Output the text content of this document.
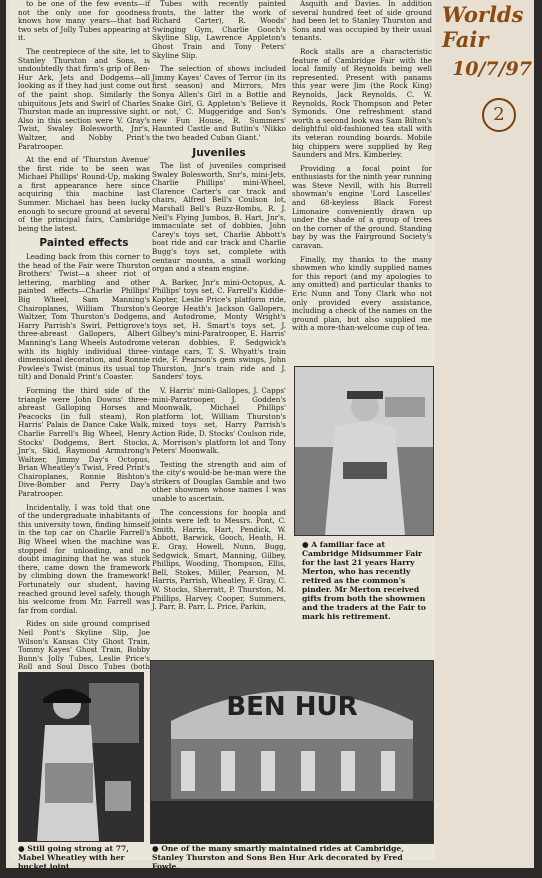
to be one of the few events—if not the only one for goodness knows how many years—that had two sets of Jolly Tubes appearing at it.

The centrepiece of the site, let to Stanley Thurston and Sons, is undoubtedly that firm's grip of Ben-Hur Ark, Jets and Dodgems—all looking as if they had just come out of the paint shop. Similarly the ubiquitous Jets and Swirl of Charles Thurston made an impressive sight. Also in this section were V. Gray's Twist, Swaley Bolesworth, Jnr's, Waltzer, and Nobby Print's Paratrooper.

At the end of 'Thurston Avenue' the first ride to be seen was Michael Phillips' Round-Up, making a first appearance here since acquiring this machine last Summer. Michael has been lucky enough to secure ground at several of the principal fairs, Cambridge being the latest.

Painted effects

Leading back from this corner to the head of the Fair were Thurston Brothers' Twist—a sheer riot of lettering, marbling and other painted effects—Charlie Phillips' Big Wheel, Sam Manning's Chairoplanes, William Thurston's Waltzer, Tom Thurston's Dodgems, Harry Parrish's Swirl, Pettigrove's three-abreast Gallopers, Albert Manning's Lang Wheels Autodrome with its highly individual three-dimensional decoration, and Ronnie Powlee's Twist (minus its usual top tilt) and Donald Print's Coaster.

Forming the third side of the triangle were John Downs' three-abreast Galloping Horses and Peacocks (in full steam), Ron Harris' Palais de Dance Cake Walk, Charlie Farrell's Big Wheel, Henry Stocks' Dodgems, Bert Stocks, Jnr's, Skid, Raymond Armstrong's Waltzer, Jimmy Day's Octopus, Brian Wheatley's Twist, Fred Print's Chairoplanes, Ronnie Bishton's Dive-Bomber and Perry Day's Paratrooper.

Incidentally, I was told that one of the undergraduate inhabitants of this university town, finding himself in the top car on Charlie Farrell's Big Wheel when the machine was stopped for unloading, and no doubt imagining that he was stuck there, came down the framework by climbing down the framework! Fortunately our student, having reached ground level safely, though his welcome from Mr. Farrell was far from cordial.

Rides on side ground comprised Neil Pont's Skyline Slip, Joe Wilson's Kansas City Ghost Train, Tommy Kayes' Ghost Train, Bobby Bunn's Jolly Tubes, Leslie Price's Roll and Soul Disco Tubes (both

Tubes with recently painted fronts, the latter the work of Richard Carter), R. Woods' Swinging Gym, Charlie Gooch's Skyline Slip, Lawrence Appleton's Ghost Train and Tony Peters' Skyline Slip.

The selection of shows included Jimmy Kayes' Caves of Terror (in its first season) and Mirrors, Mrs Sonya Allen's Girl in a Bottle and Snake Girl, G. Appleton's 'Believe it or not,' C. Muggeridge and Son's new Fun House, R. Summers' Haunted Castle and Butlin's 'Nikko the two headed Cuban Giant.'

Juveniles

The list of juveniles comprised Swaley Bolesworth, Snr's, mini-Jets, Charlie Phillips' mini-Wheel, Clarence Carter's car track and chairs, Alfred Bell's Coulson lot, Marshall Bell's Buzz-Bombs, R. J. Neil's Flying Jumbos, B. Hart, Jnr's, immaculate set of dobbies, John Carey's toys set, Charlie Abbott's boat ride and car track and Charlie Bugg's toys set, complete with centaur mounts, a small working organ and a steam engine.

A. Barker, Jnr's mini-Octopus, A. Phillips' toys set, C. Farrell's Kiddie-Kopter, Leslie Price's platform ride, George Heath's Jackson Gallopers, and Autodrome, Monty Wright's toys set, H. Smart's toys set, J. Gilbey's mini-Paratrooper, E. Harris' veteran dobbies, F. Sedgwick's vintage cars, T. S. Whyatt's train ride, F. Pearson's gem swings, John Thurston, Jnr's train ride and J. Sanders' toys.

V. Harris' mini-Gallopes, J. Capps' mini-Paratrooper, J. Godden's Moonwalk, Michael Phillips' platform lot, William Thurston's mixed toys set, Harry Parrish's Action Ride, D. Stocks' Coulson ride, A. Morrison's platform lot and Tony Peters' Moonwalk.

Testing the strength and aim of the city's would-be he-man were the strikers of Douglas Gamble and two other showmen whose names I was unable to ascertain.

The concessions for hoopla and joints were left to Messrs. Pont, C. Smith, Harris, Hart, Pendick, W. Abbott, Barwick, Gooch, Heath, H. E. Gray, Howell, Nunn, Bugg, Sedgwick, Smart, Manning, Gilbey, Phillips, Wooding, Thompson, Ellis, Bell, Stokes, Miller, Pearson, M. Harris, Parrish, Wheatley, F. Gray, C. W. Stocks, Sherratt, P. Thurston, M. Phillips, Harvey, Cooper, Summers, J. Parr, B. Parr, L. Price, Parkin,

Asquith and Davies. In addition several hundred feet of side ground had been let to Stanley Thurston and Sons and was occupied by their usual tenants.

Rock stalls are a characteristic feature of Cambridge Fair with the local family of Reynolds being well represented. Present with panams this year were Jim (the Rock King) Reynolds, Jack Reynolds, C. W. Reynolds, Rock Thompson and Peter Symonds. One refreshment stand worth a second look was Sam Bilton's delightful old-fashioned tea stall with its veteran rounding boards. Mobile big chippers were supplied by Reg Saunders and Mrs. Kimberley.

Providing a focal point for enthusiasts for the ninth year running was Steve Nevill, with his Burrell showman's engine 'Lord Lascelles' and 68-keyless Black Forest Limonaire conveniently drawn up under the shade of a group of trees on the corner of the ground. Standing bay by was the Fairground Society's caravan.

Finally, my thanks to the many showmen who kindly supplied names for this report (and my apologies to any omitted) and particular thanks to Eric Nunn and Tony Clark who not only provided every assistance, including a check of the names on the ground plan, but also supplied me with a more-than-welcome cup of tea.

● A familiar face at Cambridge Midsummer Fair for the last 21 years Harry Merton, who has recently retired as the common's pinder. Mr Merton received gifts from both the showmen and the traders at the Fair to mark his retirement.
● Still going strong at 77, Mabel Wheatley with her bucket joint
BEN HUR
● One of the many smartly maintained rides at Cambridge, Stanley Thurston and Sons Ben Hur Ark decorated by Fred Fowle.
Worlds Fair
10/7/97
2
